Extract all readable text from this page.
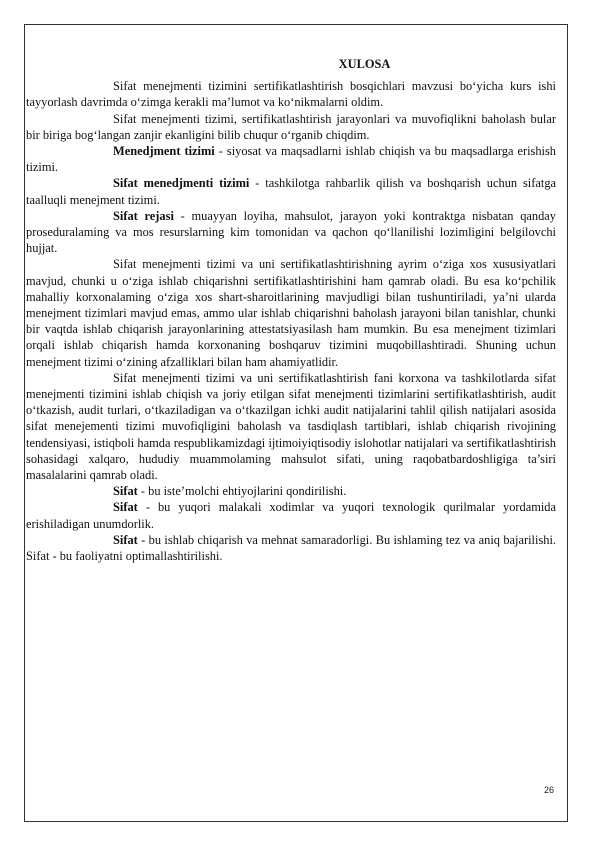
XULOSA

Sifat menejmenti tizimini sertifikatlashtirish bosqichlari mavzusi bo‘yicha kurs ishi tayyorlash davrimda o‘zimga kerakli ma’lumot va ko‘nikmalarni oldim.

Sifat menejmenti tizimi, sertifikatlashtirish jarayonlari va muvofiqlikni baholash bular bir biriga bog‘langan zanjir ekanligini bilib chuqur o‘rganib chiqdim.

Menedjment tizimi - siyosat va maqsadlarni ishlab chiqish va bu maqsadlarga erishish tizimi.

Sifat menedjmenti tizimi - tashkilotga rahbarlik qilish va boshqarish uchun sifatga taalluqli menejment tizimi.

Sifat rejasi - muayyan loyiha, mahsulot, jarayon yoki kontraktga nisbatan qanday proseduralaming va mos resurslarning kim tomonidan va qachon qo‘llanilishi lozimligini belgilovchi hujjat.

Sifat menejmenti tizimi va uni sertifikatlashtirishning ayrim o‘ziga xos xususiyatlari mavjud, chunki u o‘ziga ishlab chiqarishni sertifikatlashtirishini ham qamrab oladi. Bu esa ko‘pchilik mahalliy korxonalaming o‘ziga xos shart-sharoitlarining mavjudligi bilan tushuntiriladi, ya’ni ularda menejment tizimlari mavjud emas, ammo ular ishlab chiqarishni baholash jarayoni bilan tanishlar, chunki bir vaqtda ishlab chiqarish jarayonlarining attestatsiyasilash ham mumkin. Bu esa menejment tizimlari orqali ishlab chiqarish hamda korxonaning boshqaruv tizimini muqobillashtiradi. Shuning uchun menejment tizimi o‘zining afzalliklari bilan ham ahamiyatlidir.

Sifat menejmenti tizimi va uni sertifikatlashtirish fani korxona va tashkilotlarda sifat menejmenti tizimini ishlab chiqish va joriy etilgan sifat menejmenti tizimlarini sertifikatlashtirish, audit o‘tkazish, audit turlari, o‘tkaziladigan va o‘tkazilgan ichki audit natijalarini tahlil qilish natijalari asosida sifat menejementi tizimi muvofiqligini baholash va tasdiqlash tartiblari, ishlab chiqarish rivojining tendensiyasi, istiqboli hamda respublikamizdagi ijtimoiyiqtisodiy islohotlar natijalari va sertifikatlashtirish sohasidagi xalqaro, hududiy muammolaming mahsulot sifati, uning raqobatbardoshligiga ta’siri masalalarini qamrab oladi.

Sifat - bu iste’molchi ehtiyojlarini qondirilishi.

Sifat - bu yuqori malakali xodimlar va yuqori texnologik qurilmalar yordamida erishiladigan unumdorlik.

Sifat - bu ishlab chiqarish va mehnat samaradorligi. Bu ishlaming tez va aniq bajarilishi. Sifat - bu faoliyatni optimallashtirilishi.

26
